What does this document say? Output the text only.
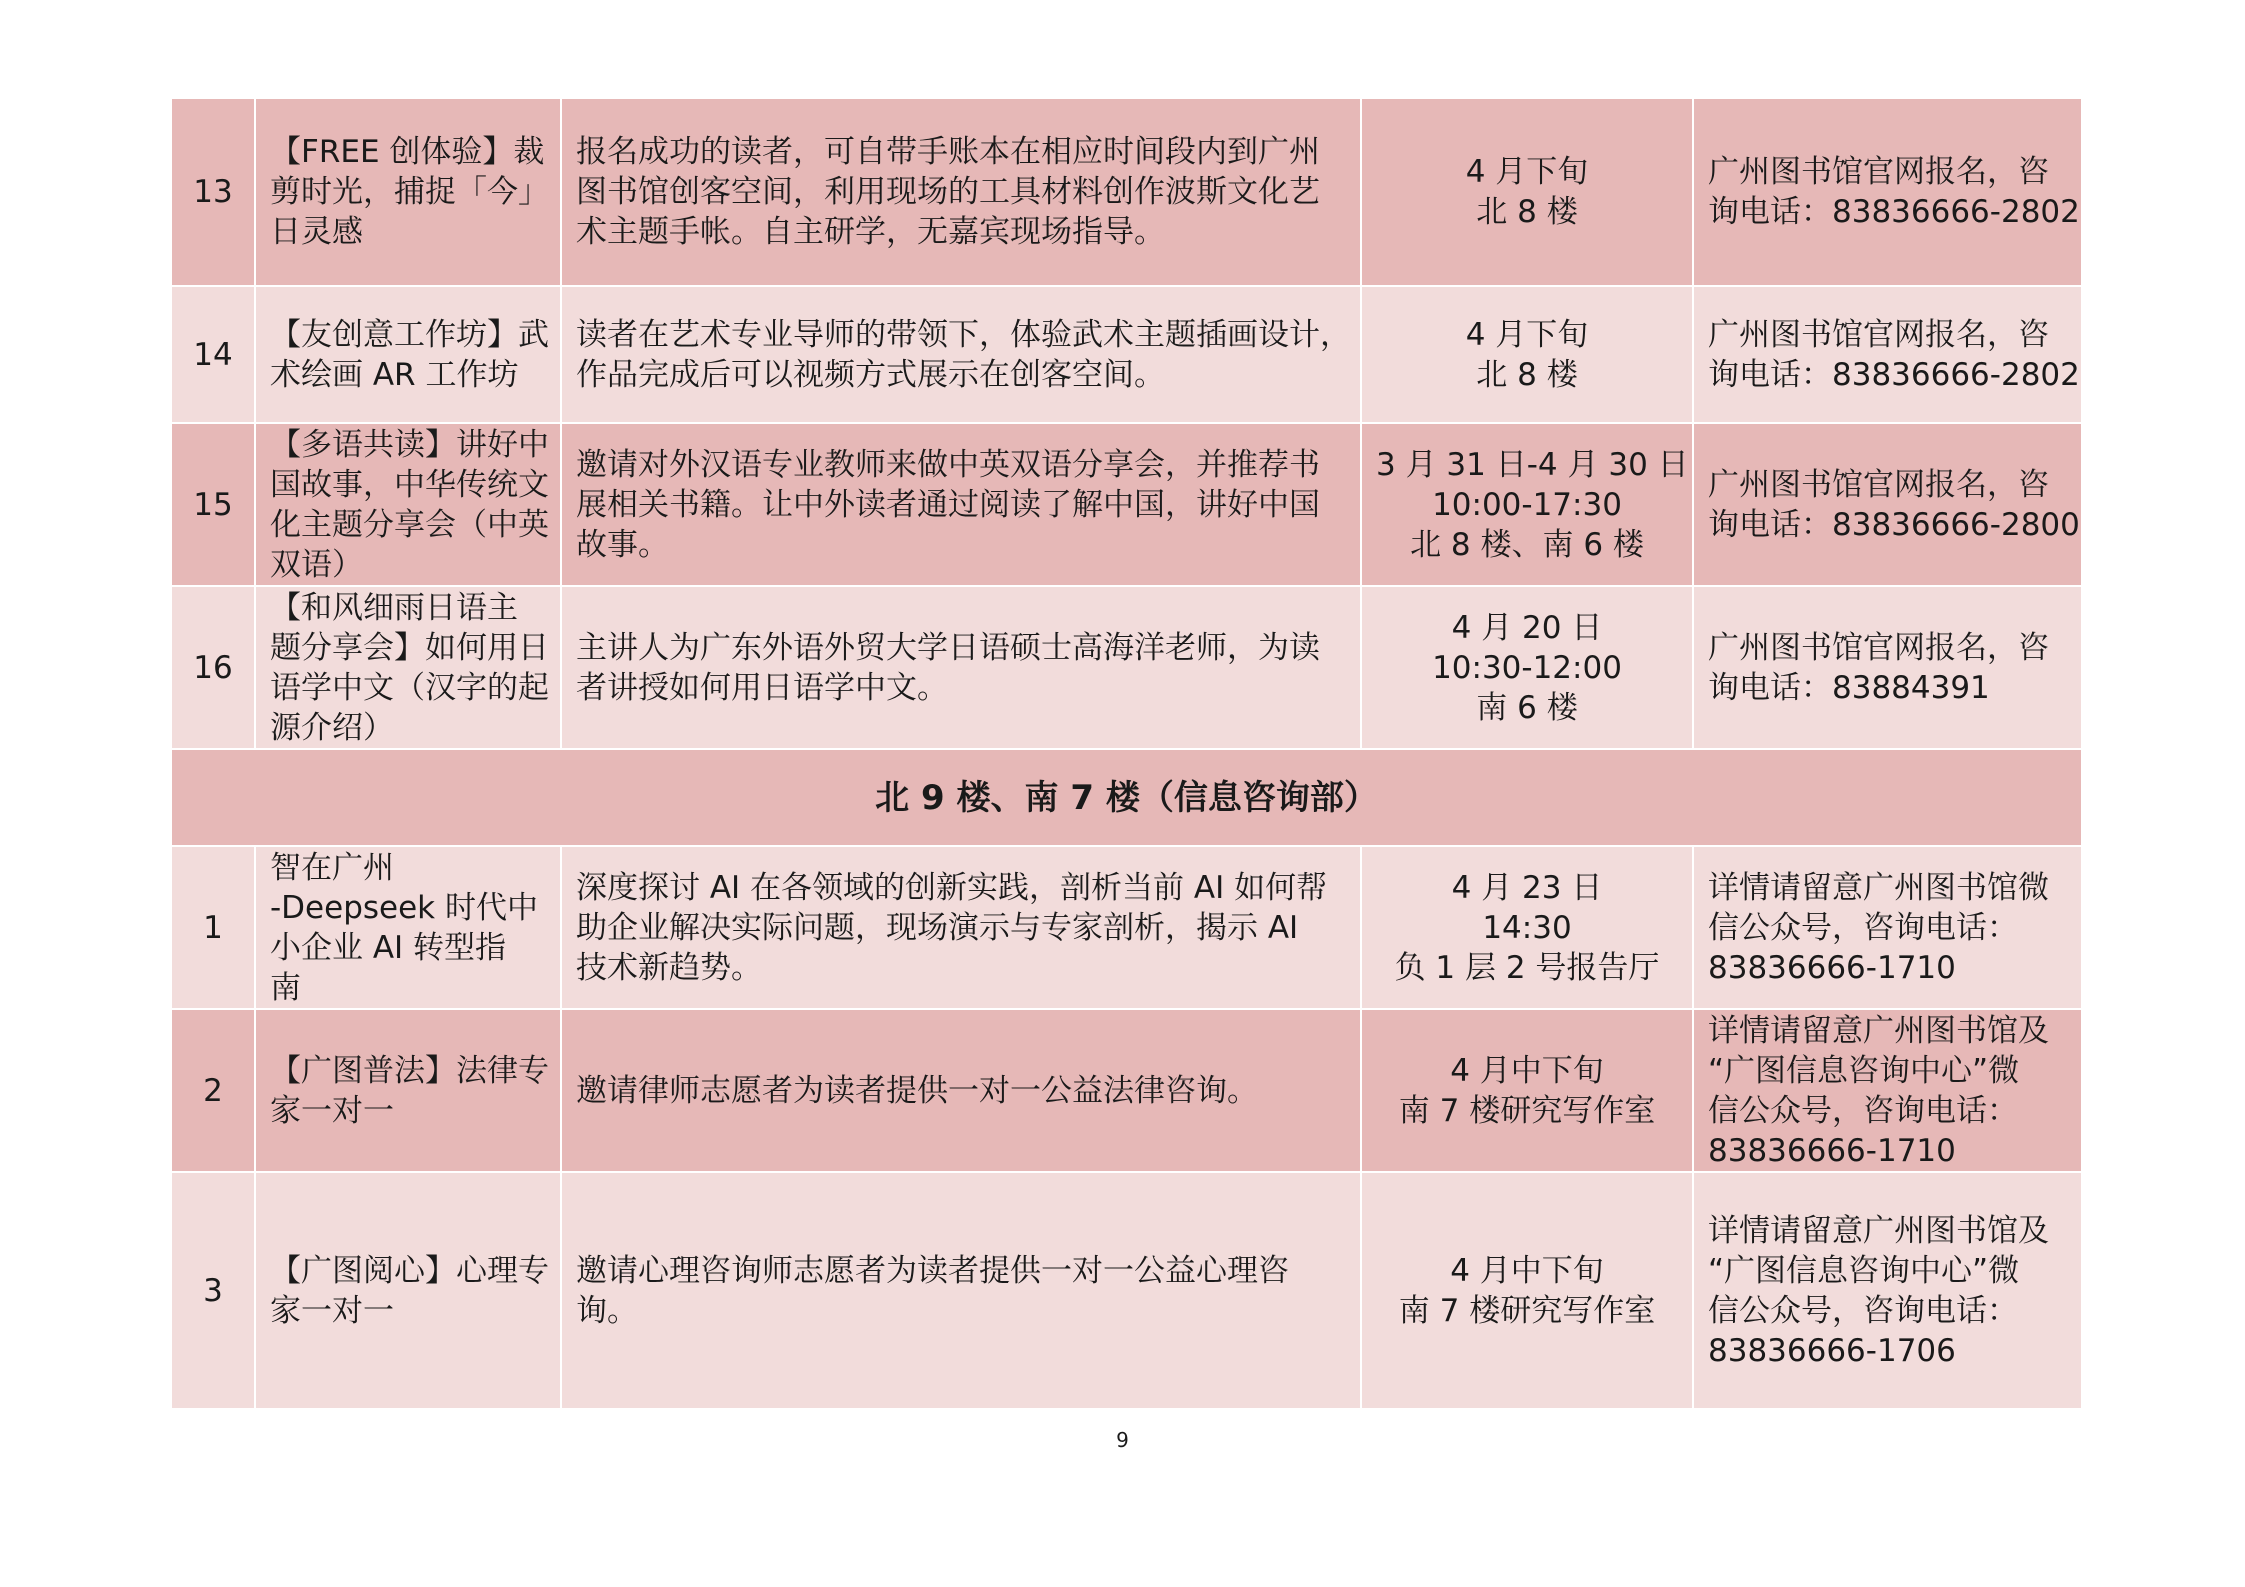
13	【FREE 创体验】裁
剪时光，捕捉「今」
日灵感	报名成功的读者，可自带手账本在相应时间段内到广州
图书馆创客空间，利用现场的工具材料创作波斯文化艺
术主题手帐。自主研学，无嘉宾现场指导。	4 月下旬
北 8 楼	广州图书馆官网报名，咨
询电话：83836666-2802

14	【友创意工作坊】武
术绘画 AR 工作坊	读者在艺术专业导师的带领下，体验武术主题插画设计，
作品完成后可以视频方式展示在创客空间。	4 月下旬
北 8 楼	广州图书馆官网报名，咨
询电话：83836666-2802

15	【多语共读】讲好中
国故事，中华传统文
化主题分享会（中英
双语）	邀请对外汉语专业教师来做中英双语分享会，并推荐书
展相关书籍。让中外读者通过阅读了解中国，讲好中国
故事。	3 月 31 日-4 月 30 日
10:00-17:30
北 8 楼、南 6 楼	广州图书馆官网报名，咨
询电话：83836666-2800

16	【和风细雨日语主
题分享会】如何用日
语学中文（汉字的起
源介绍）	主讲人为广东外语外贸大学日语硕士高海洋老师，为读
者讲授如何用日语学中文。	4 月 20 日
10:30-12:00
南 6 楼	广州图书馆官网报名，咨
询电话：83884391

北 9 楼、南 7 楼（信息咨询部）				
1	智在广州
-Deepseek 时代中
小企业 AI 转型指
南	深度探讨 AI 在各领域的创新实践，剖析当前 AI 如何帮
助企业解决实际问题，现场演示与专家剖析，揭示 AI
技术新趋势。	4 月 23 日
14:30
负 1 层 2 号报告厅	详情请留意广州图书馆微
信公众号，咨询电话：
83836666-1710

2	【广图普法】法律专
家一对一	邀请律师志愿者为读者提供一对一公益法律咨询。	4 月中下旬
南 7 楼研究写作室	详情请留意广州图书馆及
“广图信息咨询中心”微
信公众号，咨询电话：
83836666-1710

3	【广图阅心】心理专
家一对一	邀请心理咨询师志愿者为读者提供一对一公益心理咨
询。	4 月中下旬
南 7 楼研究写作室	详情请留意广州图书馆及
“广图信息咨询中心”微
信公众号，咨询电话：
83836666-1706
9
